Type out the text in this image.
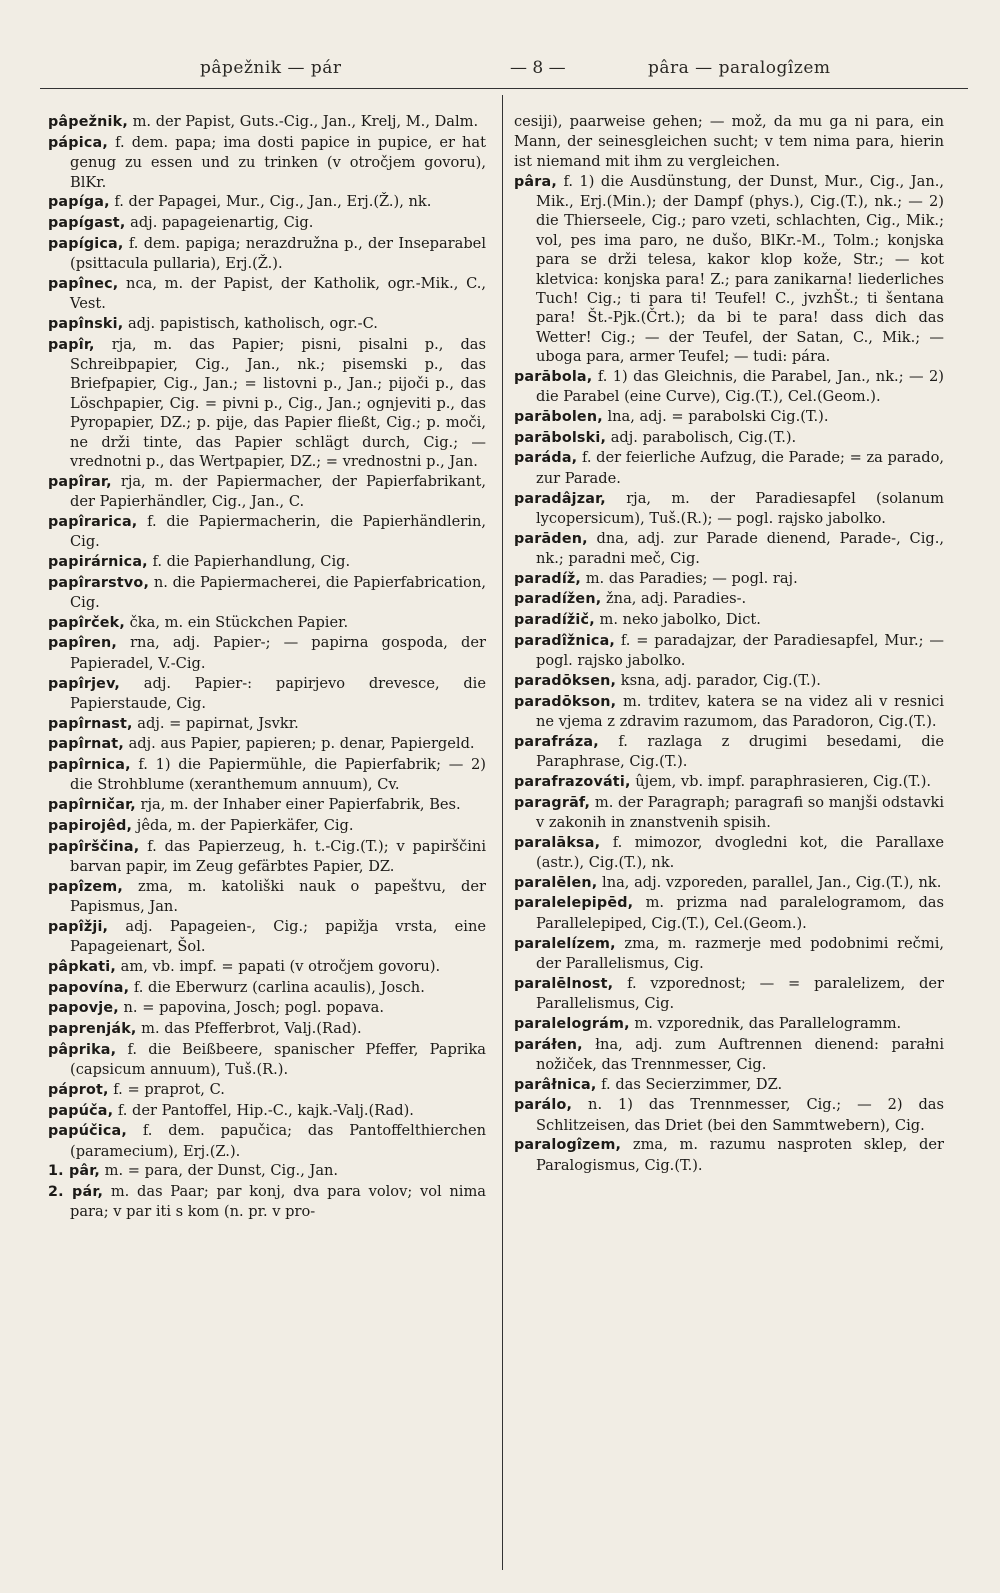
pâpežnik — pár	— 8 —	pâra — paralogîzem
pâpežnik, m. der Papist, Guts.-Cig., Jan., Krelj, M., Dalm.
pápica, f. dem. papa; ima dosti papice in pupice, er hat genug zu essen und zu trinken (v otročjem govoru), BlKr.
papíga, f. der Papagei, Mur., Cig., Jan., Erj.(Ž.), nk.
papígast, adj. papageienartig, Cig.
papígica, f. dem. papiga; nerazdružna p., der Inseparabel (psittacula pullaria), Erj.(Ž.).
papînec, nca, m. der Papist, der Katholik, ogr.-Mik., C., Vest.
papînski, adj. papistisch, katholisch, ogr.-C.
papîr, rja, m. das Papier; pisni, pisalni p., das Schreibpapier, Cig., Jan., nk.; pisemski p., das Briefpapier, Cig., Jan.; = listovni p., Jan.; pijoči p., das Löschpapier, Cig. = pivni p., Cig., Jan.; ognjeviti p., das Pyropapier, DZ.; p. pije, das Papier fließt, Cig.; p. moči, ne drži tinte, das Papier schlägt durch, Cig.; — vrednotni p., das Wertpapier, DZ.; = vrednostni p., Jan.
papîrar, rja, m. der Papiermacher, der Papierfabrikant, der Papierhändler, Cig., Jan., C.
papîrarica, f. die Papiermacherin, die Papierhändlerin, Cig.
papirárnica, f. die Papierhandlung, Cig.
papîrarstvo, n. die Papiermacherei, die Papierfabrication, Cig.
papîrček, čka, m. ein Stückchen Papier.
papîren, rna, adj. Papier-; — papirna gospoda, der Papieradel, V.-Cig.
papîrjev, adj. Papier-: papirjevo drevesce, die Papierstaude, Cig.
papîrnast, adj. = papirnat, Jsvkr.
papîrnat, adj. aus Papier, papieren; p. denar, Papiergeld.
papîrnica, f. 1) die Papiermühle, die Papierfabrik; — 2) die Strohblume (xeranthemum annuum), Cv.
papîrničar, rja, m. der Inhaber einer Papierfabrik, Bes.
papirojêd, jêda, m. der Papierkäfer, Cig.
papîrščina, f. das Papierzeug, h. t.-Cig.(T.); v papirščini barvan papir, im Zeug gefärbtes Papier, DZ.
papîzem, zma, m. katoliški nauk o papeštvu, der Papismus, Jan.
papîžji, adj. Papageien-, Cig.; papižja vrsta, eine Papageienart, Šol.
pâpkati, am, vb. impf. = papati (v otročjem govoru).
papovína, f. die Eberwurz (carlina acaulis), Josch.
papovje, n. = papovina, Josch; pogl. popava.
paprenják, m. das Pfefferbrot, Valj.(Rad).
pâprika, f. die Beißbeere, spanischer Pfeffer, Paprika (capsicum annuum), Tuš.(R.).
páprot, f. = praprot, C.
papúča, f. der Pantoffel, Hip.-C., kajk.-Valj.(Rad).
papúčica, f. dem. papučica; das Pantoffelthierchen (paramecium), Erj.(Z.).
1. pâr, m. = para, der Dunst, Cig., Jan.
2. pár, m. das Paar; par konj, dva para volov; vol nima para; v par iti s kom (n. pr. v pro-
cesiji), paarweise gehen; — mož, da mu ga ni para, ein Mann, der seinesgleichen sucht; v tem nima para, hierin ist niemand mit ihm zu vergleichen.
pâra, f. 1) die Ausdünstung, der Dunst, Mur., Cig., Jan., Mik., Erj.(Min.); der Dampf (phys.), Cig.(T.), nk.; — 2) die Thierseele, Cig.; paro vzeti, schlachten, Cig., Mik.; vol, pes ima paro, ne dušo, BlKr.-M., Tolm.; konjska para se drži telesa, kakor klop kože, Str.; — kot kletvica: konjska para! Z.; para zanikarna! liederliches Tuch! Cig.; ti para ti! Teufel! C., jvzhŠt.; ti šentana para! Št.-Pjk.(Črt.); da bi te para! dass dich das Wetter! Cig.; — der Teufel, der Satan, C., Mik.; — uboga para, armer Teufel; — tudi: pára.
parābola, f. 1) das Gleichnis, die Parabel, Jan., nk.; — 2) die Parabel (eine Curve), Cig.(T.), Cel.(Geom.).
parābolen, lna, adj. = parabolski Cig.(T.).
parābolski, adj. parabolisch, Cig.(T.).
paráda, f. der feierliche Aufzug, die Parade; = za parado, zur Parade.
paradâjzar, rja, m. der Paradiesapfel (solanum lycopersicum), Tuš.(R.); — pogl. rajsko jabolko.
parāden, dna, adj. zur Parade dienend, Parade-, Cig., nk.; paradni meč, Cig.
paradíž, m. das Paradies; — pogl. raj.
paradížen, žna, adj. Paradies-.
paradížič, m. neko jabolko, Dict.
paradîžnica, f. = paradajzar, der Paradiesapfel, Mur.; — pogl. rajsko jabolko.
paradōksen, ksna, adj. parador, Cig.(T.).
paradōkson, m. trditev, katera se na videz ali v resnici ne vjema z zdravim razumom, das Paradoron, Cig.(T.).
parafráza, f. razlaga z drugimi besedami, die Paraphrase, Cig.(T.).
parafrazováti, ûjem, vb. impf. paraphrasieren, Cig.(T.).
paragrāf, m. der Paragraph; paragrafi so manjši odstavki v zakonih in znanstvenih spisih.
paralāksa, f. mimozor, dvogledni kot, die Parallaxe (astr.), Cig.(T.), nk.
paralēlen, lna, adj. vzporeden, parallel, Jan., Cig.(T.), nk.
paralelepipēd, m. prizma nad paralelogramom, das Parallelepiped, Cig.(T.), Cel.(Geom.).
paralelízem, zma, m. razmerje med podobnimi rečmi, der Parallelismus, Cig.
paralēlnost, f. vzporednost; — = paralelizem, der Parallelismus, Cig.
paralelográm, m. vzporednik, das Parallelogramm.
paráłen, łna, adj. zum Auftrennen dienend: parałni nožiček, das Trennmesser, Cig.
parâłnica, f. das Secierzimmer, DZ.
parálo, n. 1) das Trennmesser, Cig.; — 2) das Schlitzeisen, das Driet (bei den Sammtwebern), Cig.
paralogîzem, zma, m. razumu nasproten sklep, der Paralogismus, Cig.(T.).
